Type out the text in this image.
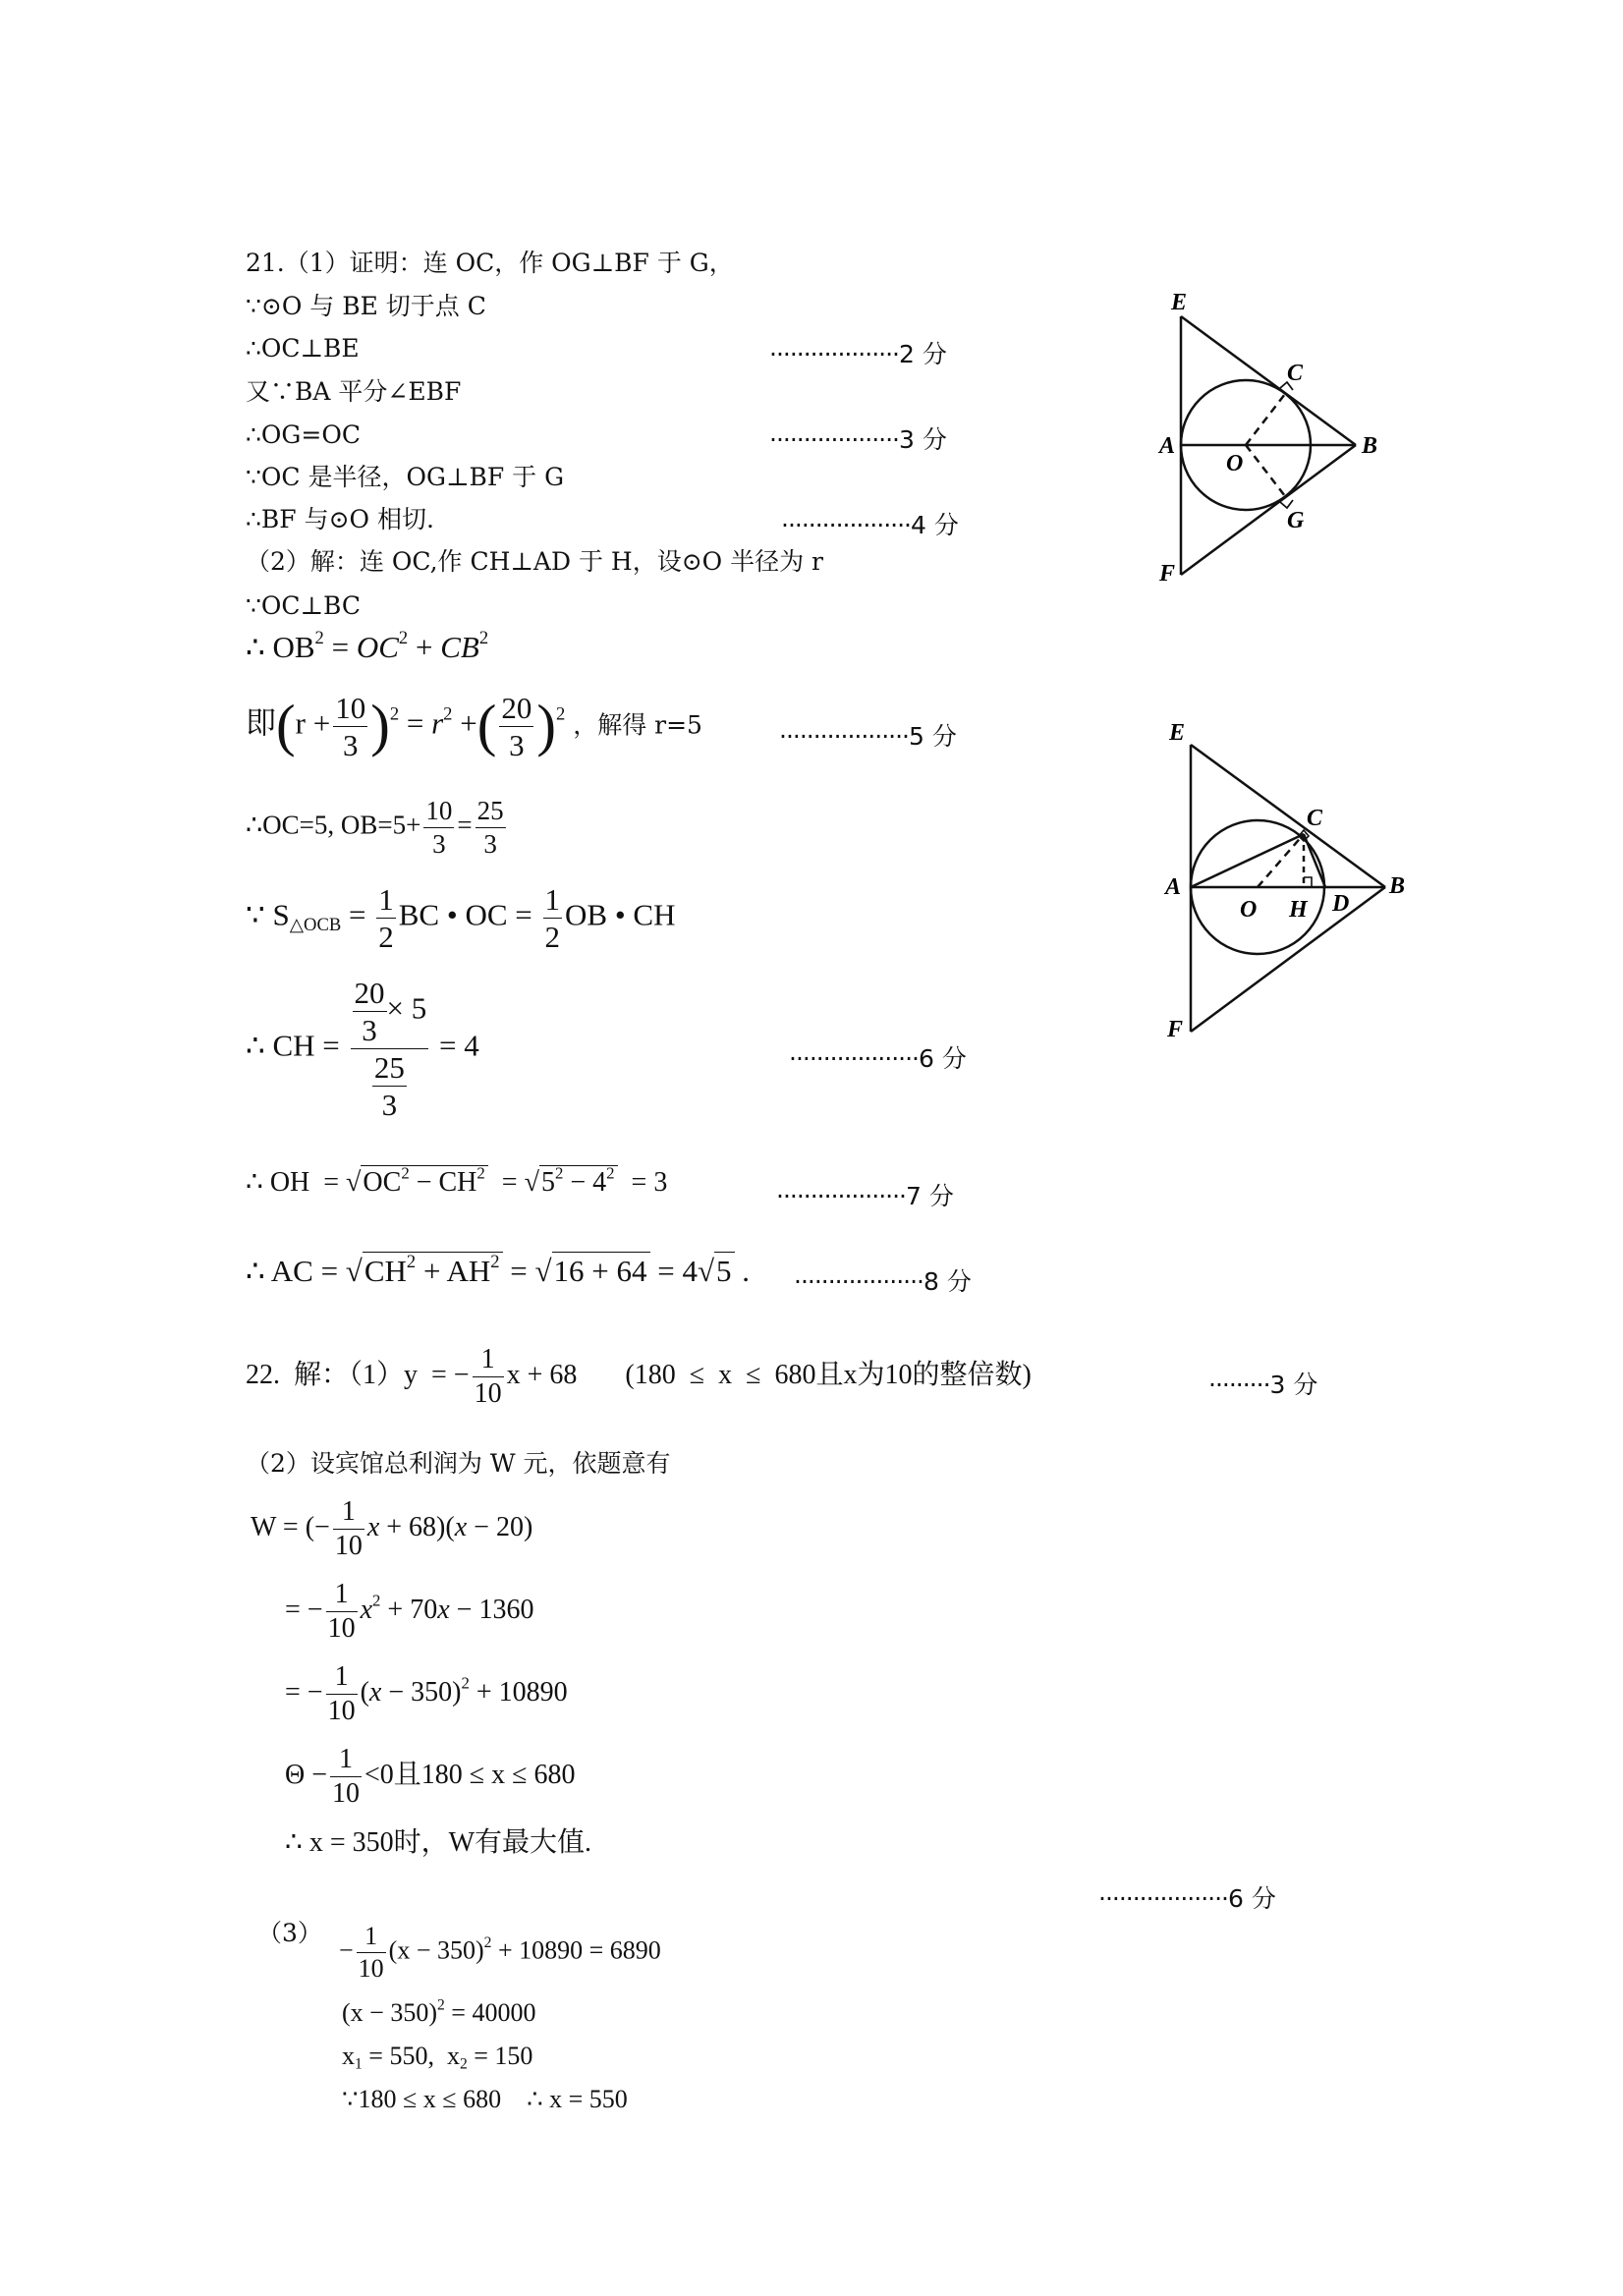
21.（1）证明：连 OC，作 OG⊥BF 于 G，
∵⊙O 与 BE 切于点 C
∴OC⊥BE	···················2 分
又∵BA 平分∠EBF
∴OG=OC	···················3 分
∵OC 是半径，OG⊥BF 于 G
∴BF 与⊙O 相切.	···················4 分
（2）解：连 OC,作 CH⊥AD 于 H，设⊙O 半径为 r
∵OC⊥BC
∴ $OB^2 = OC^2 + CB^2$
即$(r + \frac{10}{3} )^2 = r^2$ +( $\frac{20}{3} )^2$ ，解得 r=5	···················5 分
∴OC=5, $OB=5+ \frac{10}{3} = \frac{25}{3}$
∵ $S_{\triangle OCB} = \frac{1}{2}$ BC • OC = $\frac{1}{2}$ OB • CH
∴ CH = $\frac{\frac{20}{3} \times 5}{\frac{25}{3}} = 4$	···················6 分
∴ OH  = $√OC^2 - CH^2 = √5^2 - 4^2 = 3$	···················7 分
∴ AC = $√CH^2 + AH^2 = √16 + 64 = 4√5$ . ···················8 分
22.  解：（1）y  = − $\frac{1}{10}$ x + 68       (180  ≤  x  ≤  680且x为10的整倍数)	·········3 分
（2）设宾馆总利润为 W 元，依题意有
W = (− $\frac{1}{10}$ x + 68)(x − 20)
= − $\frac{1}{10} x^2 + 70x - 1360$
= − $\frac{1}{10} (x - 350)^2 + 10890$
$\Theta - \frac{1}{10} <0$且180 ≤ x ≤ 680
∴ x = 350时，W有最大值.
···················6 分
（3）
− $\frac{1}{10} (x - 350)^2 + 10890 = 6890$
$(x - 350)^2 = 40000$
$x_1 = 550$,  $x_2 = 150$
∵180 ≤ x ≤ 680    ∴ x = 550
E
C
A
O
B
G
F
E
C
A
O H D
B
F
